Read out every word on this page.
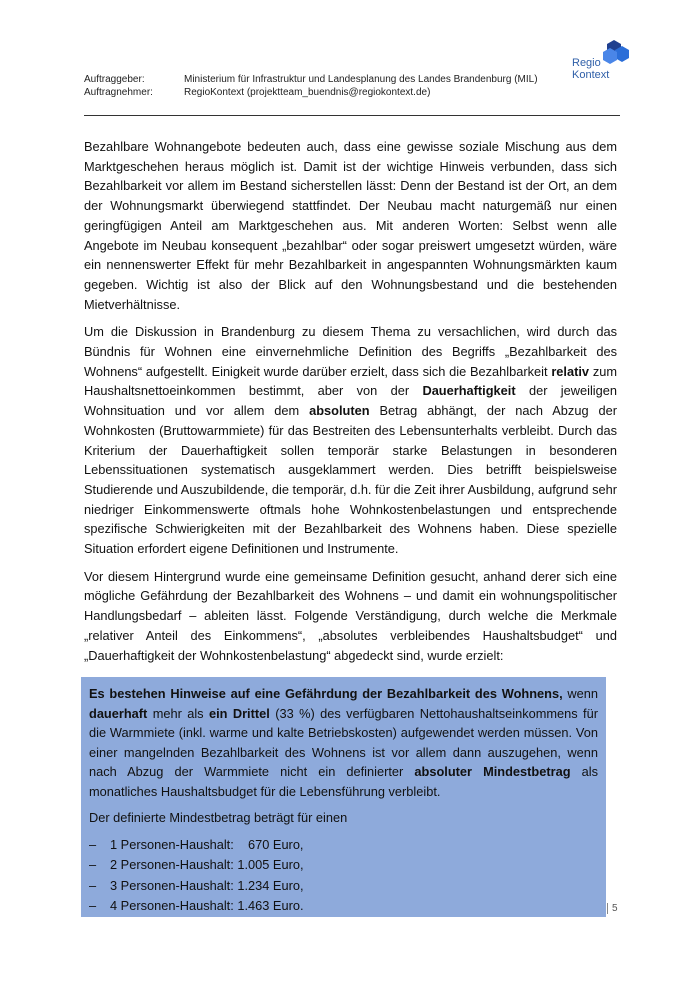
Auftraggeber:	Ministerium für Infrastruktur und Landesplanung des Landes Brandenburg (MIL)
Auftragnehmer:	RegioKontext (projektteam_buendnis@regiokontext.de)
Regio
Kontext

Bezahlbare Wohnangebote bedeuten auch, dass eine gewisse soziale Mischung aus dem Marktgeschehen heraus möglich ist. Damit ist der wichtige Hinweis verbunden, dass sich Bezahlbarkeit vor allem im Bestand sicherstellen lässt: Denn der Bestand ist der Ort, an dem der Wohnungsmarkt überwiegend stattfindet. Der Neubau macht naturgemäß nur einen geringfügigen Anteil am Marktgeschehen aus. Mit anderen Worten: Selbst wenn alle Angebote im Neubau konsequent „bezahlbar“ oder sogar preiswert umgesetzt würden, wäre ein nennenswerter Effekt für mehr Bezahlbarkeit in angespannten Wohnungsmärkten kaum gegeben. Wichtig ist also der Blick auf den Wohnungsbestand und die bestehenden Mietverhältnisse.

Um die Diskussion in Brandenburg zu diesem Thema zu versachlichen, wird durch das Bündnis für Wohnen eine einvernehmliche Definition des Begriffs „Bezahlbarkeit des Wohnens“ aufgestellt. Einigkeit wurde darüber erzielt, dass sich die Bezahlbarkeit relativ zum Haushaltsnettoeinkommen bestimmt, aber von der Dauerhaftigkeit der jeweiligen Wohnsituation und vor allem dem absoluten Betrag abhängt, der nach Abzug der Wohnkosten (Bruttowarmmiete) für das Bestreiten des Lebensunterhalts verbleibt. Durch das Kriterium der Dauerhaftigkeit sollen temporär starke Belastungen in besonderen Lebenssituationen systematisch ausgeklammert werden. Dies betrifft beispielsweise Studierende und Auszubildende, die temporär, d.h. für die Zeit ihrer Ausbildung, aufgrund sehr niedriger Einkommenswerte oftmals hohe Wohnkostenbelastungen und entsprechende spezifische Schwierigkeiten mit der Bezahlbarkeit des Wohnens haben. Diese spezielle Situation erfordert eigene Definitionen und Instrumente.

Vor diesem Hintergrund wurde eine gemeinsame Definition gesucht, anhand derer sich eine mögliche Gefährdung der Bezahlbarkeit des Wohnens – und damit ein wohnungspolitischer Handlungsbedarf – ableiten lässt. Folgende Verständigung, durch welche die Merkmale „relativer Anteil des Einkommens“, „absolutes verbleibendes Haushaltsbudget“ und „Dauerhaftigkeit der Wohnkostenbelastung“ abgedeckt sind, wurde erzielt:

Es bestehen Hinweise auf eine Gefährdung der Bezahlbarkeit des Wohnens, wenn dauerhaft mehr als ein Drittel (33 %) des verfügbaren Nettohaushaltseinkommens für die Warmmiete (inkl. warme und kalte Betriebskosten) aufgewendet werden müssen. Von einer mangelnden Bezahlbarkeit des Wohnens ist vor allem dann auszugehen, wenn nach Abzug der Warmmiete nicht ein definierter absoluter Mindestbetrag als monatliches Haushaltsbudget für die Lebensführung verbleibt.

Der definierte Mindestbetrag beträgt für einen

–	1 Personen-Haushalt:    670 Euro,
–	2 Personen-Haushalt: 1.005 Euro,
–	3 Personen-Haushalt: 1.234 Euro,
–	4 Personen-Haushalt: 1.463 Euro.	5
